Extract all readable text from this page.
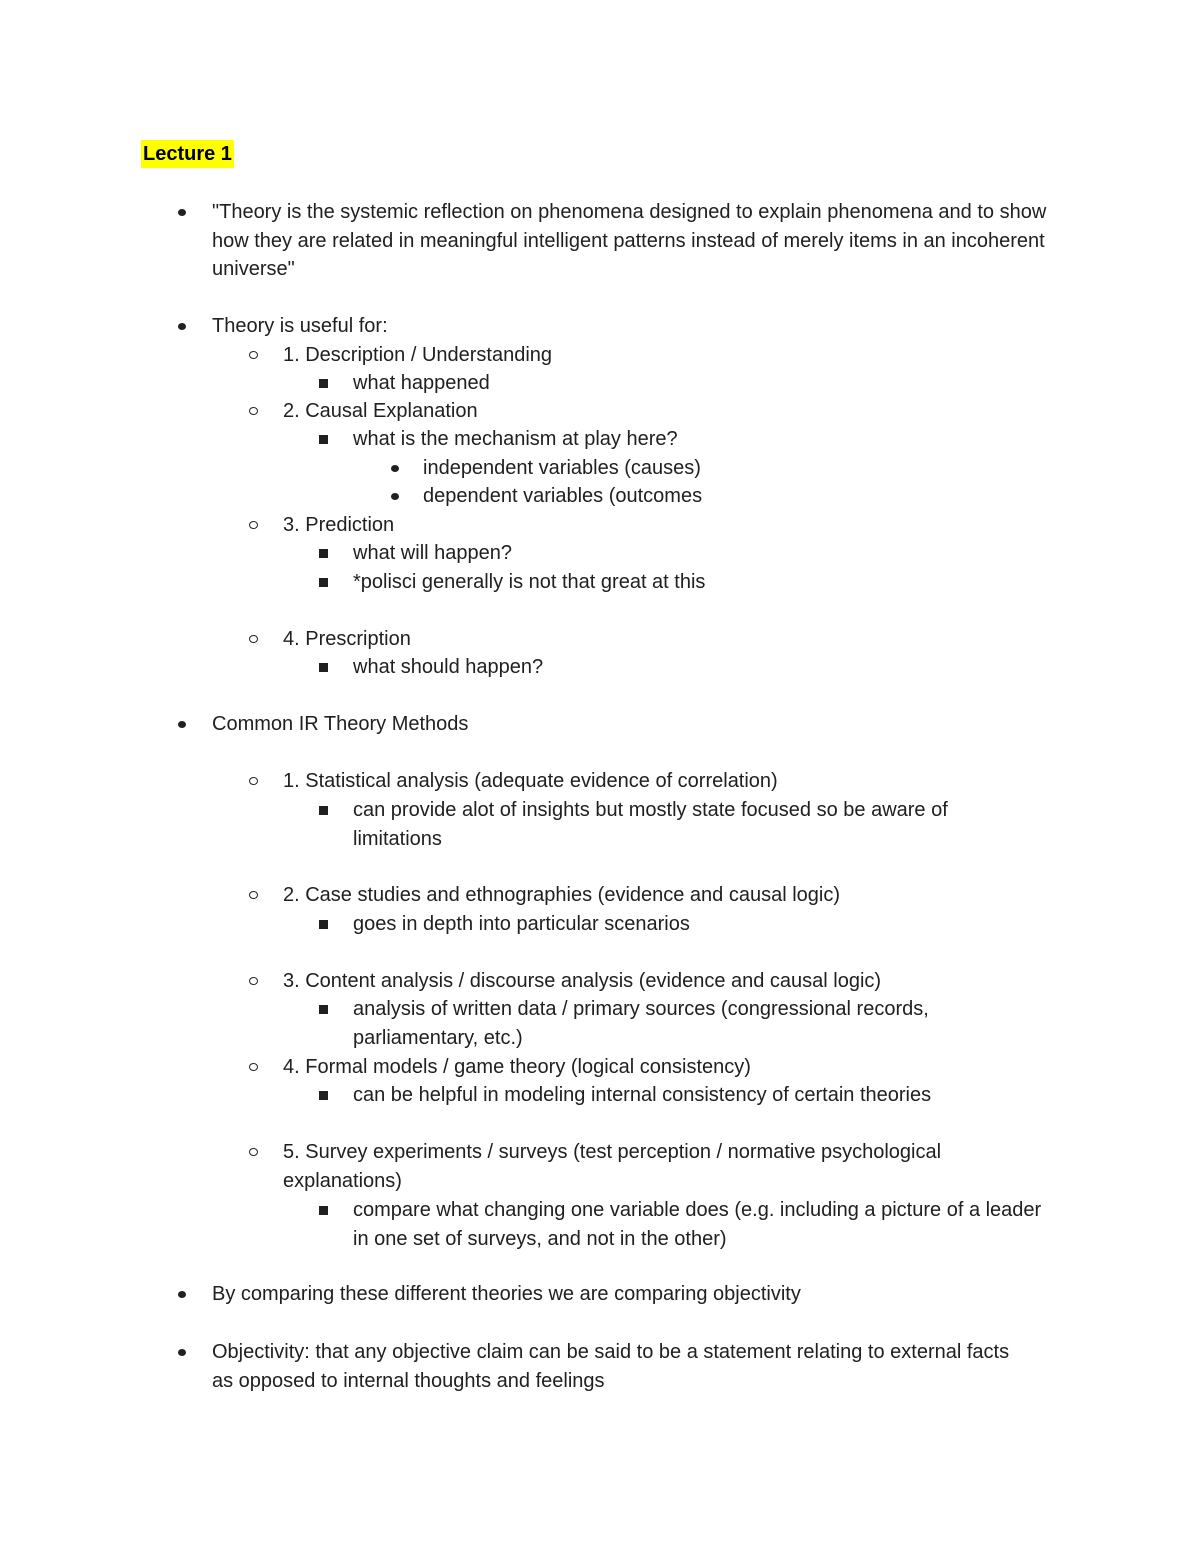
Lecture 1
"Theory is the systemic reflection on phenomena designed to explain phenomena and to show how they are related in meaningful intelligent patterns instead of merely items in an incoherent universe"
Theory is useful for:
1. Description / Understanding
what happened
2. Causal Explanation
what is the mechanism at play here?
independent variables (causes)
dependent variables (outcomes
3. Prediction
what will happen?
*polisci generally is not that great at this
4. Prescription
what should happen?
Common IR Theory Methods
1. Statistical analysis (adequate evidence of correlation)
can provide alot of insights but mostly state focused so be aware of limitations
2. Case studies and ethnographies (evidence and causal logic)
goes in depth into particular scenarios
3. Content analysis / discourse analysis (evidence and causal logic)
analysis of written data / primary sources (congressional records, parliamentary, etc.)
4. Formal models / game theory (logical consistency)
can be helpful in modeling internal consistency of certain theories
5. Survey experiments / surveys (test perception / normative psychological explanations)
compare what changing one variable does (e.g. including a picture of a leader in one set of surveys, and not in the other)
By comparing these different theories we are comparing objectivity
Objectivity: that any objective claim can be said to be a statement relating to external facts as opposed to internal thoughts and feelings
